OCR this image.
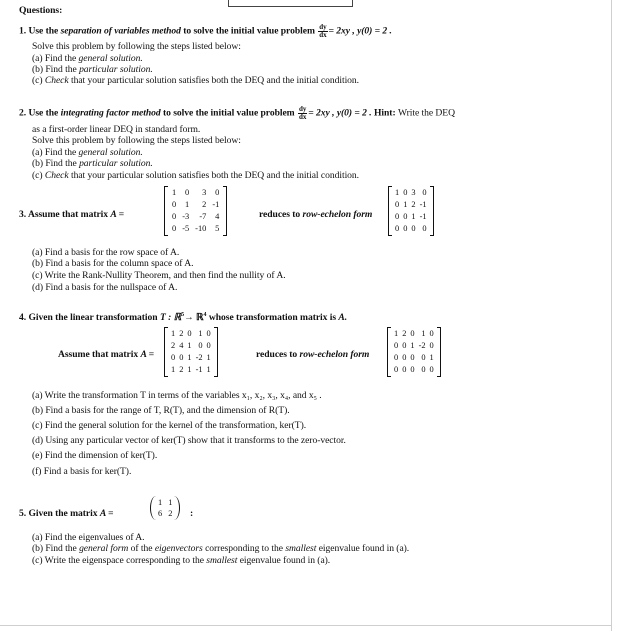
Questions:
1. Use the separation of variables method to solve the initial value problem $\frac{dy}{dx} = 2xy$ , y(0) = 2 .
Solve this problem by following the steps listed below:
(a) Find the general solution.
(b) Find the particular solution.
(c) Check that your particular solution satisfies both the DEQ and the initial condition.
2. Use the integrating factor method to solve the initial value problem $\frac{dy}{dx} = 2xy$ , y(0) = 2 . Hint: Write the DEQ
as a first-order linear DEQ in standard form.
Solve this problem by following the steps listed below:
(a) Find the general solution.
(b) Find the particular solution.
(c) Check that your particular solution satisfies both the DEQ and the initial condition.
3. Assume that matrix A =
1	0	3	0
0	1	2	-1
0	-3	-7	4
0	-5	-10	5
reduces to row-echelon form
1	0	3	0
0	1	2	-1
0	0	1	-1
0	0	0	0
(a) Find a basis for the row space of A.
(b) Find a basis for the column space of A.
(c) Write the Rank-Nullity Theorem, and then find the nullity of A.
(d) Find a basis for the nullspace of A.
4. Given the linear transformation T : ℝ$^5$→ ℝ$^4$ whose transformation matrix is A.
Assume that matrix A =
1	2	0	1	0
2	4	1	0	0
0	0	1	-2	1
1	2	1	-1	1
reduces to row-echelon form
1	2	0	1	0
0	0	1	-2	0
0	0	0	0	1
0	0	0	0	0
(a) Write the transformation T in terms of the variables x₁, x₂, x₃, x₄, and x₅ .
(b) Find a basis for the range of T, R(T), and the dimension of R(T).
(c) Find the general solution for the kernel of the transformation, ker(T).
(d) Using any particular vector of ker(T) show that it transforms to the zero-vector.
(e) Find the dimension of ker(T).
(f) Find a basis for ker(T).
5. Given the matrix A =
1	1
6	2 :
(a) Find the eigenvalues of A.
(b) Find the general form of the eigenvectors corresponding to the smallest eigenvalue found in (a).
(c) Write the eigenspace corresponding to the smallest eigenvalue found in (a).
